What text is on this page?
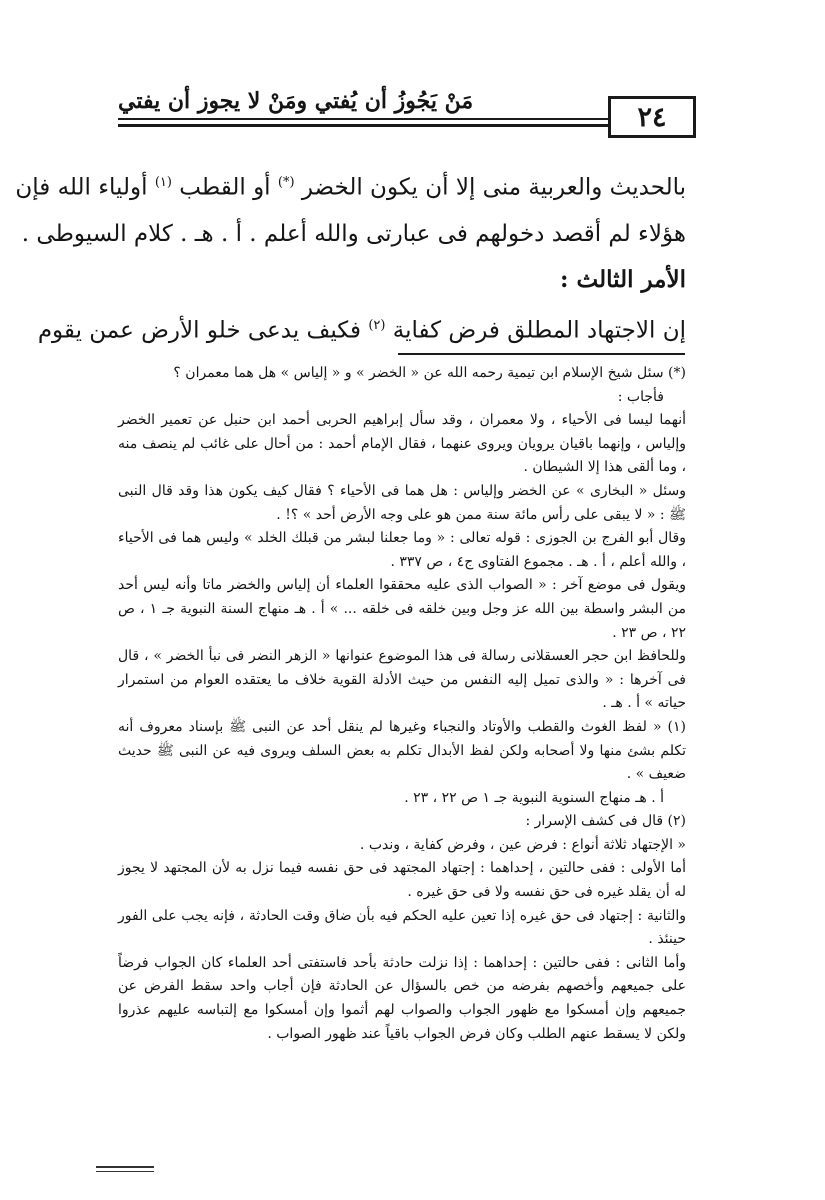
مَنْ يَجُوزُ أن يُفتي ومَنْ لا يجوز أن يفتي
٢٤
بالحديث والعربية منى إلا أن يكون الخضر (*) أو القطب $^{(١)}$ أولياء الله فإن
هؤلاء لم أقصد دخولهم فى عبارتى والله أعلم . أ . هـ . كلام السيوطى .
الأمر الثالث :
إن الاجتهاد المطلق فرض كفاية $^{(٢)}$ فكيف يدعى خلو الأرض عمن يقوم

(*) سئل شيخ الإسلام ابن تيمية رحمه الله عن « الخضر » و « إلياس » هل هما معمران ؟

فأجاب :

أنهما ليسا فى الأحياء ، ولا معمران ، وقد سأل إبراهيم الحربى أحمد ابن حنبل عن تعمير الخضر وإلياس ، وإنهما باقيان يرويان ويروى عنهما ، فقال الإمام أحمد : من أحال على غائب لم ينصف منه ، وما ألقى هذا إلا الشيطان .

وسئل « البخارى » عن الخضر وإلياس : هل هما فى الأحياء ؟ فقال كيف يكون هذا وقد قال النبى ﷺ : « لا يبقى على رأس مائة سنة ممن هو على وجه الأرض أحد » ؟! .

وقال أبو الفرج بن الجوزى : قوله تعالى : « وما جعلنا لبشر من قبلك الخلد » وليس هما فى الأحياء ، والله أعلم ، أ . هـ . مجموع الفتاوى ج٤ ، ص ٣٣٧ .

ويقول فى موضع آخر : « الصواب الذى عليه محققوا العلماء أن إلياس والخضر ماتا وأنه ليس أحد من البشر واسطة بين الله عز وجل وبين خلقه فى خلقه ... » أ . هـ منهاج السنة النبوية جـ ١ ، ص ٢٢ ، ص ٢٣ .

وللحافظ ابن حجر العسقلانى رسالة فى هذا الموضوع عنوانها « الزهر النضر فى نبأ الخضر » ، قال فى آخرها : « والذى تميل إليه النفس من حيث الأدلة القوية خلاف ما يعتقده العوام من استمرار حياته » أ . هـ .

(١) « لفظ الغوث والقطب والأوتاد والنجباء وغيرها لم ينقل أحد عن النبى ﷺ بإسناد معروف أنه تكلم بشئ منها ولا أصحابه ولكن لفظ الأبدال تكلم به بعض السلف ويروى فيه عن النبى ﷺ حديث ضعيف » .

أ . هـ منهاج السنوية النبوية جـ ١ ص ٢٢ ، ٢٣ .

(٢) قال فى كشف الإسرار :

« الإجتهاد ثلاثة أنواع : فرض عين ، وفرض كفاية ، وندب .

أما الأولى : ففى حالتين ، إحداهما : إجتهاد المجتهد فى حق نفسه فيما نزل به لأن المجتهد لا يجوز له أن يقلد غيره فى حق نفسه ولا فى حق غيره .

والثانية : إجتهاد فى حق غيره إذا تعين عليه الحكم فيه بأن ضاق وقت الحادثة ، فإنه يجب على الفور حينئذ .

وأما الثانى : ففى حالتين : إحداهما : إذا نزلت حادثة بأحد فاستفتى أحد العلماء كان الجواب فرضاً على جميعهم وأخصهم بفرضه من خص بالسؤال عن الحادثة فإن أجاب واحد سقط الفرض عن جميعهم وإن أمسكوا مع ظهور الجواب والصواب لهم أثموا وإن أمسكوا مع إلتباسه عليهم عذروا ولكن لا يسقط عنهم الطلب وكان فرض الجواب باقياً عند ظهور الصواب .
